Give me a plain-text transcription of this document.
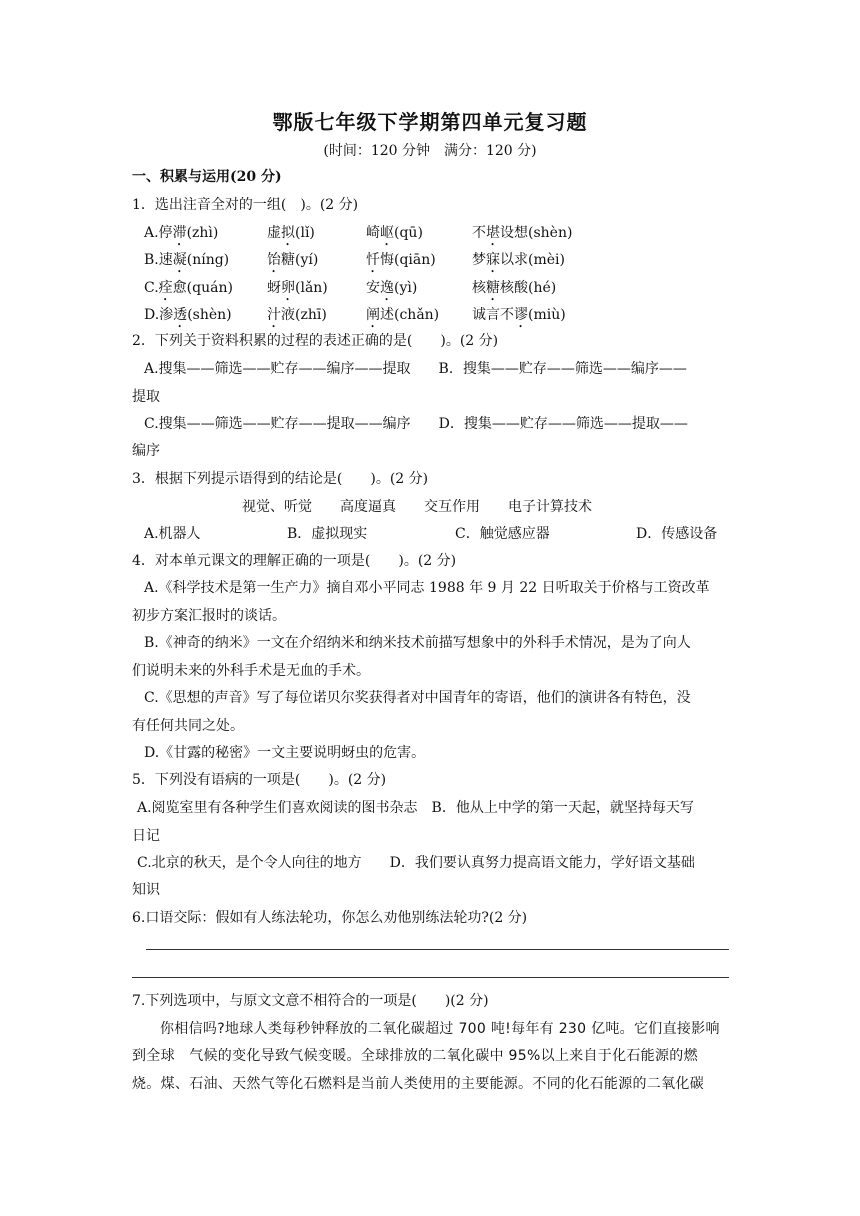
鄂版七年级下学期第四单元复习题
(时间：120 分钟　满分：120 分)
一、积累与运用(20 分)
1．选出注音全对的一组(　)。(2 分)
A.停滞(zhì)	虚拟(lǐ)	崎岖(qū)	不堪设想(shèn)
B.速凝(níng)	饴糖(yí)	忏悔(qiān)	梦寐以求(mèi)
C.痊愈(quán) 蚜卵(lǎn)	安逸(yì)	核糖核酸(hé)
D.渗透(shèn)	汁液(zhī)	阐述(chǎn) 诚言不谬(miù)
2．下列关于资料积累的过程的表述正确的是(　　)。(2 分)
A.搜集——筛选——贮存——编序——提取　　B．搜集——贮存——筛选——编序——
提取
C.搜集——筛选——贮存——提取——编序　　D．搜集——贮存——筛选——提取——
编序
3．根据下列提示语得到的结论是(　　)。(2 分)
视觉、听觉　　高度逼真　　交互作用　　电子计算技术
A.机器人	B．虚拟现实	C．触觉感应器	D．传感设备
4．对本单元课文的理解正确的一项是(　　)。(2 分)
A.《科学技术是第一生产力》摘自邓小平同志 1988 年 9 月 22 日听取关于价格与工资改革
初步方案汇报时的谈话。
B.《神奇的纳米》一文在介绍纳米和纳米技术前描写想象中的外科手术情况，是为了向人
们说明未来的外科手术是无血的手术。
C.《思想的声音》写了每位诺贝尔奖获得者对中国青年的寄语，他们的演讲各有特色，没
有任何共同之处。
D.《甘露的秘密》一文主要说明蚜虫的危害。
5．下列没有语病的一项是(　　)。(2 分)
A.阅览室里有各种学生们喜欢阅读的图书杂志　B．他从上中学的第一天起，就坚持每天写
日记
C.北京的秋天，是个令人向往的地方　　D．我们要认真努力提高语文能力，学好语文基础
知识
6.口语交际：假如有人练法轮功，你怎么劝他别练法轮功?(2 分)
7.下列选项中，与原文文意不相符合的一项是(　　)(2 分)
你相信吗?地球人类每秒钟释放的二氧化碳超过 700 吨!每年有 230 亿吨。它们直接影响
到全球　气候的变化导致气候变暖。全球排放的二氧化碳中 95%以上来自于化石能源的燃
烧。煤、石油、天然气等化石燃料是当前人类使用的主要能源。不同的化石能源的二氧化碳
